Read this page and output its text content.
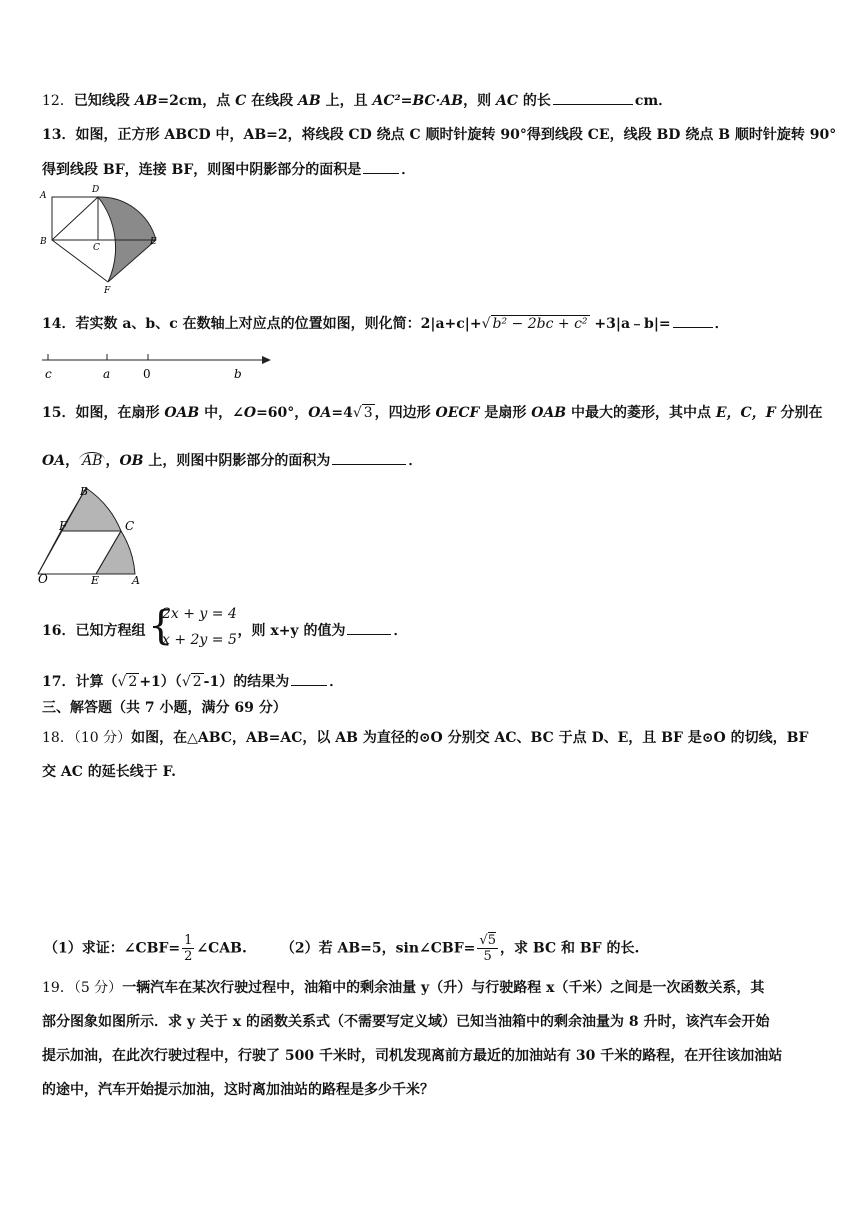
12．已知线段 AB=2cm，点 C 在线段 AB 上，且 AC²=BC·AB，则 AC 的长	cm．
13．如图，正方形 ABCD 中，AB=2，将线段 CD 绕点 C 顺时针旋转 90°得到线段 CE，线段 BD 绕点 B 顺时针旋转 90°
得到线段 BF，连接 BF，则图中阴影部分的面积是	．
A
D
B
C
E
F
14．若实数 a、b、c 在数轴上对应点的位置如图，则化简：2|a+c|+√ b² − 2bc + c² +3|a﹣b|=	．
c	a	0	b
15．如图，在扇形 OAB 中，∠O=60°，OA=4√ 3 ，四边形 OECF 是扇形 OAB 中最大的菱形，其中点 E，C，F 分别在
OA， AB ，OB 上，则图中阴影部分的面积为	．
B
F	C
O	E	A
16．已知方程组	，则 x+y 的值为	．
{
2x + y = 4
x + 2y = 5
17．计算（√ 2 +1）（√ 2 -1）的结果为	．
三、解答题（共 7 小题，满分 69 分）
18．（10 分）如图，在△ABC，AB=AC，以 AB 为直径的⊙O 分别交 AC、BC 于点 D、E，且 BF 是⊙O 的切线，BF
交 AC 的延长线于 F.
（1）求证：∠CBF= $\frac{1}{2}$ ∠CAB. （2）若 AB=5，sin∠CBF= $\frac{√5}{5}$ ，求 BC 和 BF 的长.
19．（5 分）一辆汽车在某次行驶过程中，油箱中的剩余油量 y（升）与行驶路程 x（千米）之间是一次函数关系，其
部分图象如图所示．求 y 关于 x 的函数关系式（不需要写定义域）已知当油箱中的剩余油量为 8 升时，该汽车会开始
提示加油，在此次行驶过程中，行驶了 500 千米时，司机发现离前方最近的加油站有 30 千米的路程，在开往该加油站
的途中，汽车开始提示加油，这时离加油站的路程是多少千米？
